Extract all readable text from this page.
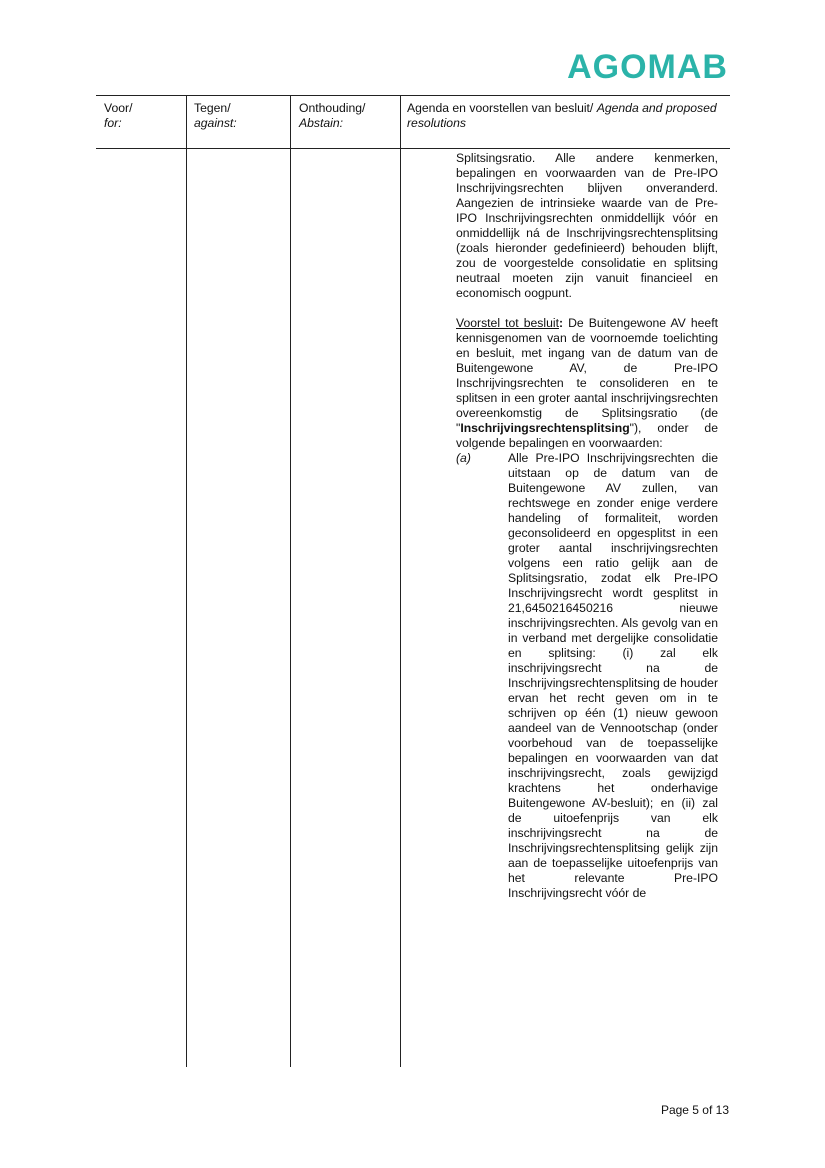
AGOMAB
Voor/
for:
Tegen/
against:
Onthouding/
Abstain:
Agenda en voorstellen van besluit/ Agenda and proposed resolutions

Splitsingsratio. Alle andere kenmerken, bepalingen en voorwaarden van de Pre-IPO Inschrijvingsrechten blijven onveranderd. Aangezien de intrinsieke waarde van de Pre-IPO Inschrijvingsrechten onmiddellijk vóór en onmiddellijk ná de Inschrijvingsrechtensplitsing (zoals hieronder gedefinieerd) behouden blijft, zou de voorgestelde consolidatie en splitsing neutraal moeten zijn vanuit financieel en economisch oogpunt.

Voorstel tot besluit: De Buitengewone AV heeft kennisgenomen van de voornoemde toelichting en besluit, met ingang van de datum van de Buitengewone AV, de Pre-IPO Inschrijvingsrechten te consolideren en te splitsen in een groter aantal inschrijvingsrechten overeenkomstig de Splitsingsratio (de "Inschrijvingsrechtensplitsing"), onder de volgende bepalingen en voorwaarden:

(a)	Alle Pre-IPO Inschrijvingsrechten die uitstaan op de datum van de Buitengewone AV zullen, van rechtswege en zonder enige verdere handeling of formaliteit, worden geconsolideerd en opgesplitst in een groter aantal inschrijvingsrechten volgens een ratio gelijk aan de Splitsingsratio, zodat elk Pre-IPO Inschrijvingsrecht wordt gesplitst in 21,6450216450216 nieuwe inschrijvingsrechten. Als gevolg van en in verband met dergelijke consolidatie en splitsing: (i) zal elk inschrijvingsrecht na de Inschrijvingsrechtensplitsing de houder ervan het recht geven om in te schrijven op één (1) nieuw gewoon aandeel van de Vennootschap (onder voorbehoud van de toepasselijke bepalingen en voorwaarden van dat inschrijvingsrecht, zoals gewijzigd krachtens het onderhavige Buitengewone AV-besluit); en (ii) zal de uitoefenprijs van elk inschrijvingsrecht na de Inschrijvingsrechtensplitsing gelijk zijn aan de toepasselijke uitoefenprijs van het relevante Pre-IPO Inschrijvingsrecht vóór de
Page 5 of 13
